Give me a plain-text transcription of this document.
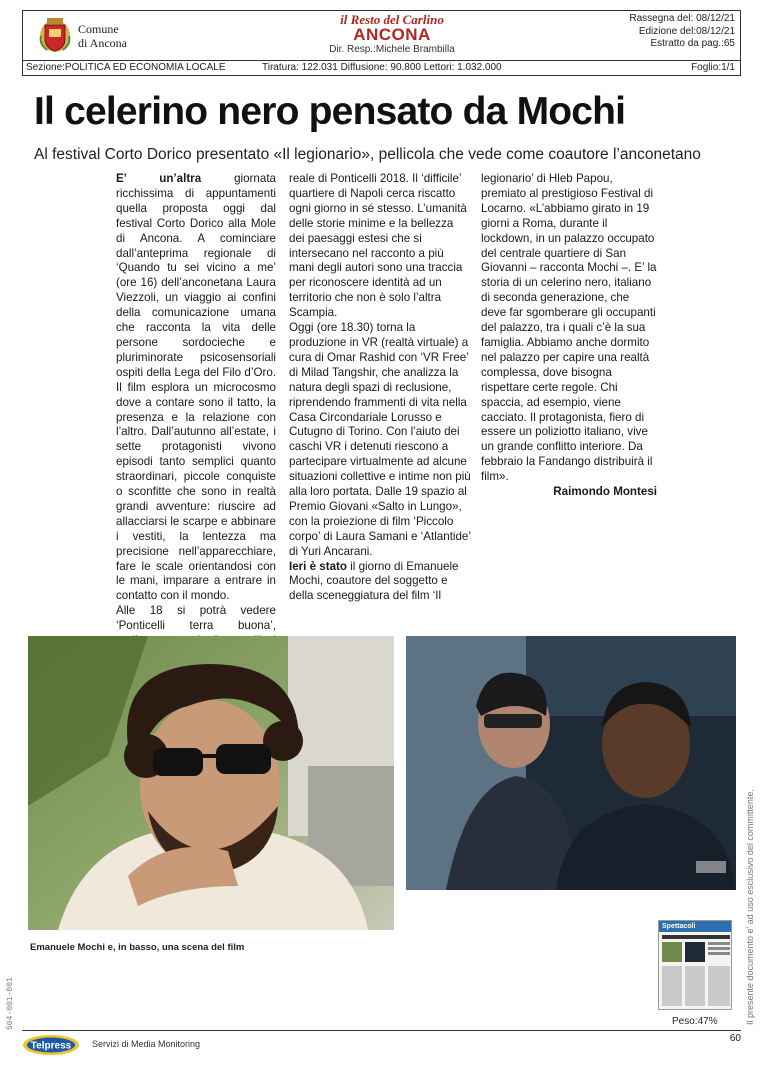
Comune
di Ancona
il Resto del Carlino
ANCONA
Dir. Resp.:Michele Brambilla
Rassegna del: 08/12/21
Edizione del:08/12/21
Estratto da pag.:65
Sezione:POLITICA ED ECONOMIA LOCALE	Tiratura: 122.031 Diffusione: 90.800 Lettori: 1.032.000	Foglio:1/1
Il celerino nero pensato da Mochi
Al festival Corto Dorico presentato «Il legionario», pellicola che vede come coautore l’anconetano

E’ un’altra giornata ricchissima di appuntamenti quella proposta oggi dal festival Corto Dorico alla Mole di Ancona. A cominciare dall’anteprima regionale di ‘Quando tu sei vicino a me’ (ore 16) dell’anconetana Laura Viezzoli, un viaggio ai confini della comunicazione umana che racconta la vita delle persone sordocieche e pluriminorate psicosensoriali ospiti della Lega del Filo d’Oro. Il film esplora un microcosmo dove a contare sono il tatto, la presenza e la relazione con l’altro. Dall’autunno all’estate, i sette protagonisti vivono episodi tanto semplici quanto straordinari, piccole conquiste o sconfitte che sono in realtà grandi avventure: riuscire ad allacciarsi le scarpe e abbinare i vestiti, la lentezza ma precisione nell’apparecchiare, fare le scale orientandosi con le mani, imparare a entrare in contatto con il mondo.

Alle 18 si potrà vedere ‘Ponticelli terra buona’,

reale di Ponticelli 2018. Il ‘difficile’ quartiere di Napoli cerca riscatto ogni giorno in sé stesso. L’umanità delle storie minime e la bellezza dei paesaggi estesi che si intersecano nel racconto a più mani degli autori sono una traccia per riconoscere identità ad un territorio che non è solo l’altra Scampia.

Oggi (ore 18.30) torna la produzione in VR (realtà virtuale) a cura di Omar Rashid con ‘VR Free’ di Milad Tangshir, che analizza la natura degli spazi di reclusione, riprendendo frammenti di vita nella Casa Circondariale Lorusso e Cutugno di Torino. Con l’aiuto dei caschi VR i detenuti riescono a partecipare virtualmente ad alcune situazioni collettive e intime non più alla loro portata. Dalle 19 spazio al Premio Giovani «Salto in Lungo», con la proiezione di film ‘Piccolo corpo’ di Laura Samani e ‘Atlantide’ di Yuri Ancarani.

Ieri è stato il giorno di Emanuele Mochi, coautore del soggetto e della sceneggiatura del film ‘Il

legionario’ di Hleb Papou, premiato al prestigioso Festival di Locarno. «L’abbiamo girato in 19 giorni a Roma, durante il lockdown, in un palazzo occupato del centrale quartiere di San Giovanni – racconta Mochi –. E’ la storia di un celerino nero, italiano di seconda generazione, che deve far sgomberare gli occupanti del palazzo, tra i quali c’è la sua famiglia. Abbiamo anche dormito nel palazzo per capire una realtà complessa, dove bisogna rispettare certe regole. Chi spaccia, ad esempio, viene cacciato. Il protagonista, fiero di essere un poliziotto italiano, vive un grande conflitto interiore. Da febbraio la Fandango distribuirà il film».

Raimondo Montesi

Emanuele Mochi e, in basso, una scena del film
Spettacoli
Peso:47%	Il presente documento e' ad uso esclusivo del committente.
504-001-001
Telpress Servizi di Media Monitoring	60
